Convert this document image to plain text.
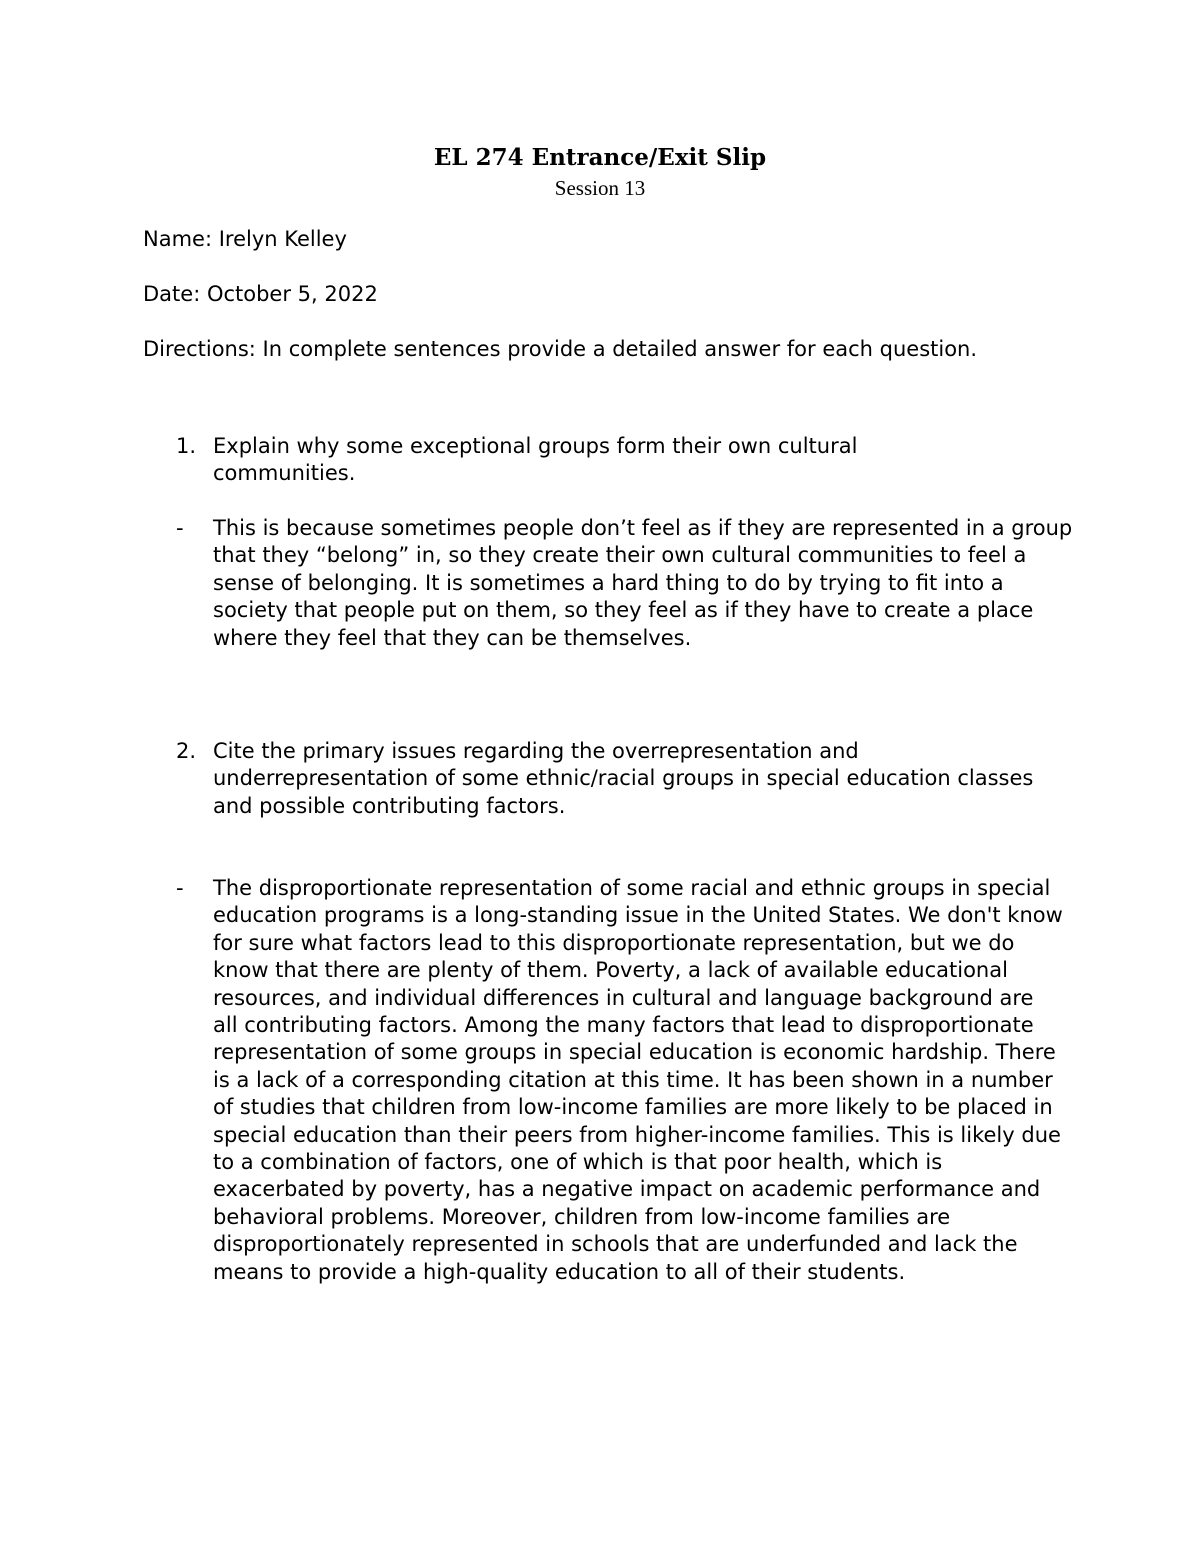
EL 274 Entrance/Exit Slip
Session 13

Name: Irelyn Kelley

Date: October 5, 2022

Directions: In complete sentences provide a detailed answer for each question.

1. Explain why some exceptional groups form their own cultural communities.

-	This is because sometimes people don’t feel as if they are represented in a group that they “belong” in, so they create their own cultural communities to feel a sense of belonging. It is sometimes a hard thing to do by trying to fit into a society that people put on them, so they feel as if they have to create a place where they feel that they can be themselves.

2. Cite the primary issues regarding the overrepresentation and underrepresentation of some ethnic/racial groups in special education classes and possible contributing factors.

-	The disproportionate representation of some racial and ethnic groups in special education programs is a long-standing issue in the United States. We don't know for sure what factors lead to this disproportionate representation, but we do know that there are plenty of them. Poverty, a lack of available educational resources, and individual differences in cultural and language background are all contributing factors. Among the many factors that lead to disproportionate representation of some groups in special education is economic hardship. There is a lack of a corresponding citation at this time. It has been shown in a number of studies that children from low-income families are more likely to be placed in special education than their peers from higher-income families. This is likely due to a combination of factors, one of which is that poor health, which is exacerbated by poverty, has a negative impact on academic performance and behavioral problems. Moreover, children from low-income families are disproportionately represented in schools that are underfunded and lack the means to provide a high-quality education to all of their students.
